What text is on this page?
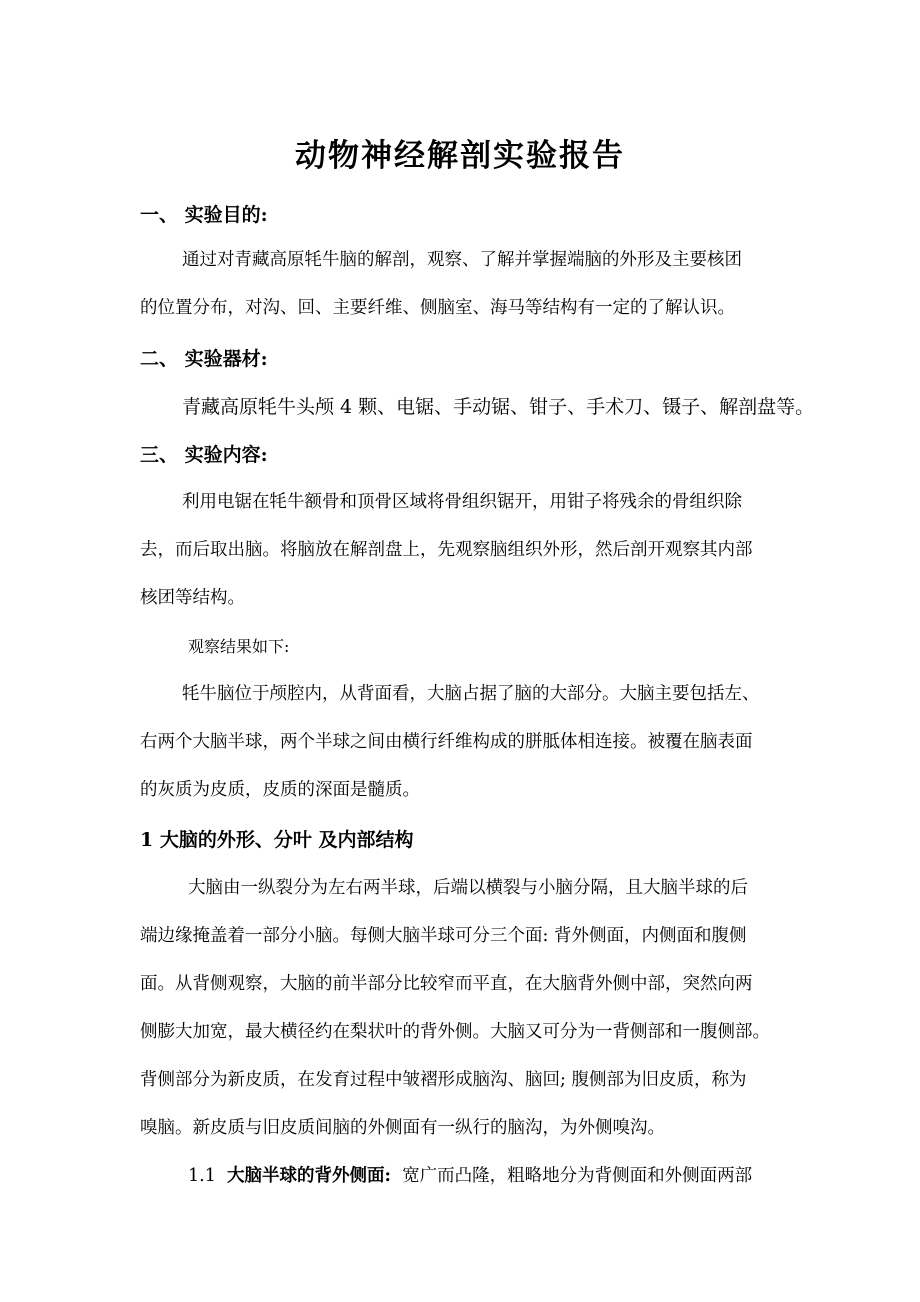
动物神经解剖实验报告
一、 实验目的:
通过对青藏高原牦牛脑的解剖，观察、了解并掌握端脑的外形及主要核团
的位置分布，对沟、回、主要纤维、侧脑室、海马等结构有一定的了解认识。
二、 实验器材:
青藏高原牦牛头颅 4 颗、电锯、手动锯、钳子、手术刀、镊子、解剖盘等。
三、 实验内容:
利用电锯在牦牛额骨和顶骨区域将骨组织锯开，用钳子将残余的骨组织除
去，而后取出脑。将脑放在解剖盘上，先观察脑组织外形，然后剖开观察其内部
核团等结构。
观察结果如下:
牦牛脑位于颅腔内，从背面看，大脑占据了脑的大部分。大脑主要包括左、
右两个大脑半球，两个半球之间由横行纤维构成的胼胝体相连接。被覆在脑表面
的灰质为皮质，皮质的深面是髓质。
1 大脑的外形、分叶 及内部结构
大脑由一纵裂分为左右两半球，后端以横裂与小脑分隔，且大脑半球的后
端边缘掩盖着一部分小脑。每侧大脑半球可分三个面: 背外侧面，内侧面和腹侧
面。从背侧观察，大脑的前半部分比较窄而平直，在大脑背外侧中部，突然向两
侧膨大加宽，最大横径约在梨状叶的背外侧。大脑又可分为一背侧部和一腹侧部。
背侧部分为新皮质，在发育过程中皱褶形成脑沟、脑回; 腹侧部为旧皮质，称为
嗅脑。新皮质与旧皮质间脑的外侧面有一纵行的脑沟，为外侧嗅沟。
1.1 大脑半球的背外侧面: 宽广而凸隆，粗略地分为背侧面和外侧面两部
